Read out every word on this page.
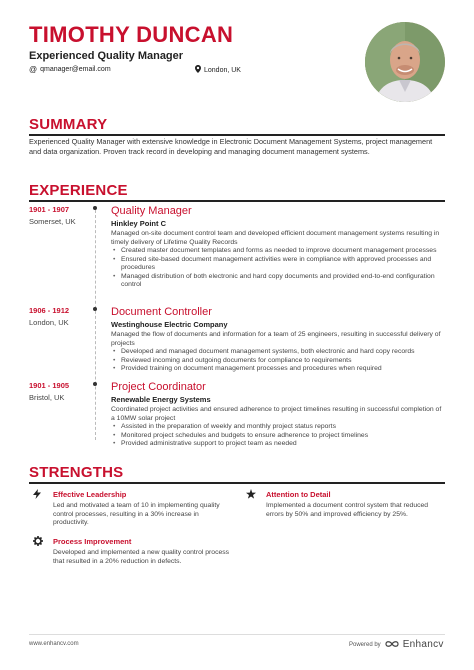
TIMOTHY DUNCAN
Experienced Quality Manager
@ qmanager@email.com	London, UK
SUMMARY
Experienced Quality Manager with extensive knowledge in Electronic Document Management Systems, project management and data organization. Proven track record in developing and managing document management systems.
EXPERIENCE
1901 - 1907
Somerset, UK
Quality Manager
Hinkley Point C
Managed on-site document control team and developed efficient document management systems resulting in timely delivery of Lifetime Quality Records
• Created master document templates and forms as needed to improve document management processes
• Ensured site-based document management activities were in compliance with approved processes and procedures
• Managed distribution of both electronic and hard copy documents and provided end-to-end configuration control
1906 - 1912
London, UK
Document Controller
Westinghouse Electric Company
Managed the flow of documents and information for a team of 25 engineers, resulting in successful delivery of projects
• Developed and managed document management systems, both electronic and hard copy records
• Reviewed incoming and outgoing documents for compliance to requirements
• Provided training on document management processes and procedures when required
1901 - 1905
Bristol, UK
Project Coordinator
Renewable Energy Systems
Coordinated project activities and ensured adherence to project timelines resulting in successful completion of a 10MW solar project
• Assisted in the preparation of weekly and monthly project status reports
• Monitored project schedules and budgets to ensure adherence to project timelines
• Provided administrative support to project team as needed
STRENGTHS
Effective Leadership
Led and motivated a team of 10 in implementing quality control processes, resulting in a 30% increase in productivity.
Attention to Detail
Implemented a document control system that reduced errors by 50% and improved efficiency by 25%.
Process Improvement
Developed and implemented a new quality control process that resulted in a 20% reduction in defects.
www.enhancv.com	Powered by Enhancv
